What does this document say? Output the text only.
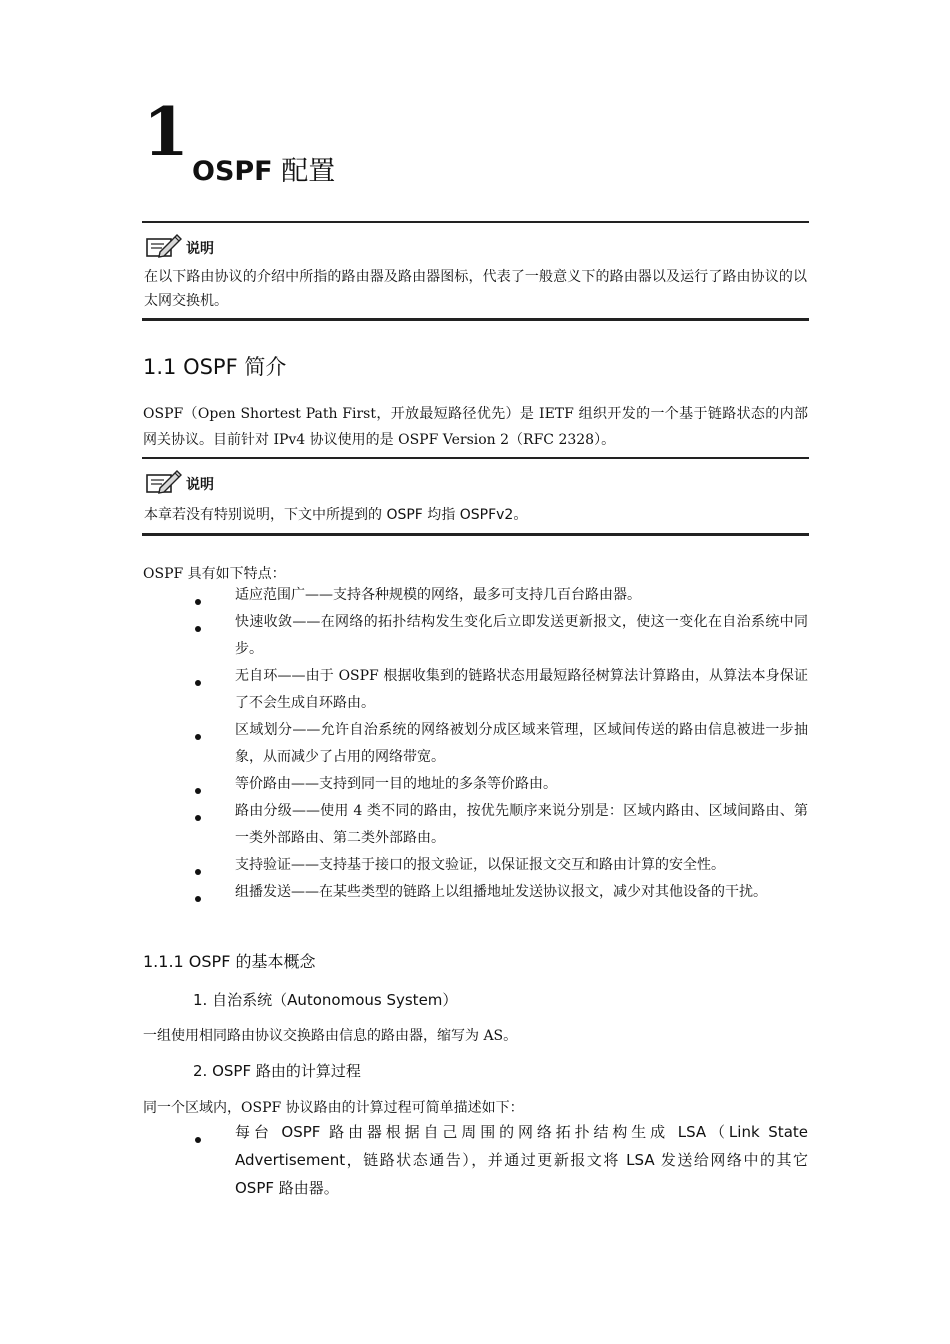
1
OSPF 配置
说明
在以下路由协议的介绍中所指的路由器及路由器图标，代表了一般意义下的路由器以及运行了路由协议的以太网交换机。
1.1 OSPF 简介
OSPF（Open Shortest Path First，开放最短路径优先）是 IETF 组织开发的一个基于链路状态的内部网关协议。目前针对 IPv4 协议使用的是 OSPF Version 2（RFC 2328）。
说明
本章若没有特别说明，下文中所提到的 OSPF 均指 OSPFv2。
OSPF 具有如下特点：
适应范围广——支持各种规模的网络，最多可支持几百台路由器。
快速收敛——在网络的拓扑结构发生变化后立即发送更新报文，使这一变化在自治系统中同步。
无自环——由于 OSPF 根据收集到的链路状态用最短路径树算法计算路由，从算法本身保证了不会生成自环路由。
区域划分——允许自治系统的网络被划分成区域来管理，区域间传送的路由信息被进一步抽象，从而减少了占用的网络带宽。
等价路由——支持到同一目的地址的多条等价路由。
路由分级——使用 4 类不同的路由，按优先顺序来说分别是：区域内路由、区域间路由、第一类外部路由、第二类外部路由。
支持验证——支持基于接口的报文验证，以保证报文交互和路由计算的安全性。
组播发送——在某些类型的链路上以组播地址发送协议报文，减少对其他设备的干扰。
1.1.1 OSPF 的基本概念
1. 自治系统（Autonomous System）
一组使用相同路由协议交换路由信息的路由器，缩写为 AS。
2. OSPF 路由的计算过程
同一个区域内，OSPF 协议路由的计算过程可简单描述如下：
每台 OSPF 路由器根据自己周围的网络拓扑结构生成 LSA（Link State Advertisement，链路状态通告），并通过更新报文将 LSA 发送给网络中的其它 OSPF 路由器。
